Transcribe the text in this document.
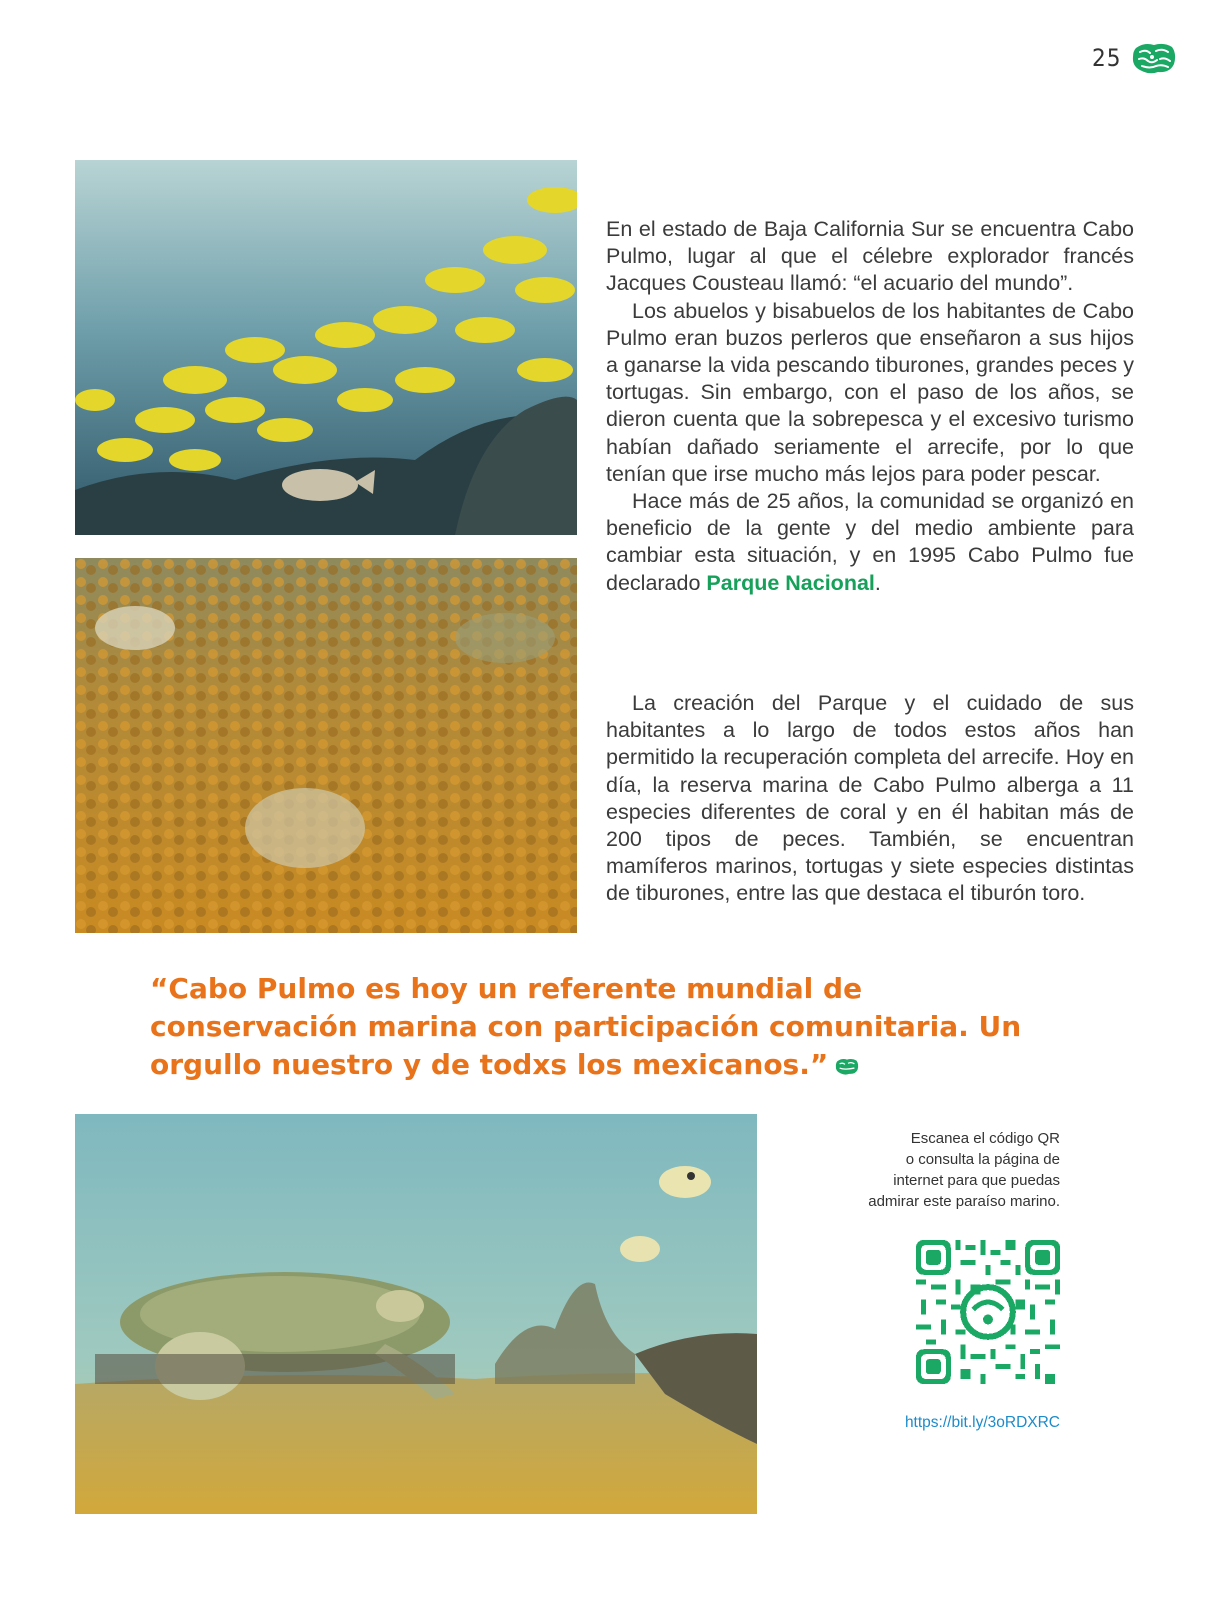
25

En el estado de Baja California Sur se encuentra Cabo Pulmo, lugar al que el célebre explorador francés Jacques Cousteau llamó: “el acuario del mundo”.

Los abuelos y bisabuelos de los habitantes de Cabo Pulmo eran buzos perleros que enseñaron a sus hijos a ganarse la vida pescando tiburones, grandes peces y tortugas. Sin embargo, con el paso de los años, se dieron cuenta que la sobrepesca y el excesivo turismo habían dañado seriamente el arrecife, por lo que tenían que irse mucho más lejos para poder pescar.

Hace más de 25 años, la comunidad se organizó en beneficio de la gente y del medio ambiente para cambiar esta situación, y en 1995 Cabo Pulmo fue declarado Parque Nacional.

La creación del Parque y el cuidado de sus habitantes a lo largo de todos estos años han permitido la recuperación completa del arrecife. Hoy en día, la reserva marina de Cabo Pulmo alberga a 11 especies diferentes de coral y en él habitan más de 200 tipos de peces. También, se encuentran mamíferos marinos, tortugas y siete especies distintas de tiburones, entre las que destaca el tiburón toro.

“Cabo Pulmo es hoy un referente mundial de conservación marina con participación comunitaria. Un orgullo nuestro y de todxs los mexicanos.”
Escanea el código QR
o consulta la página de
internet para que puedas
admirar este paraíso marino.
https://bit.ly/3oRDXRC
